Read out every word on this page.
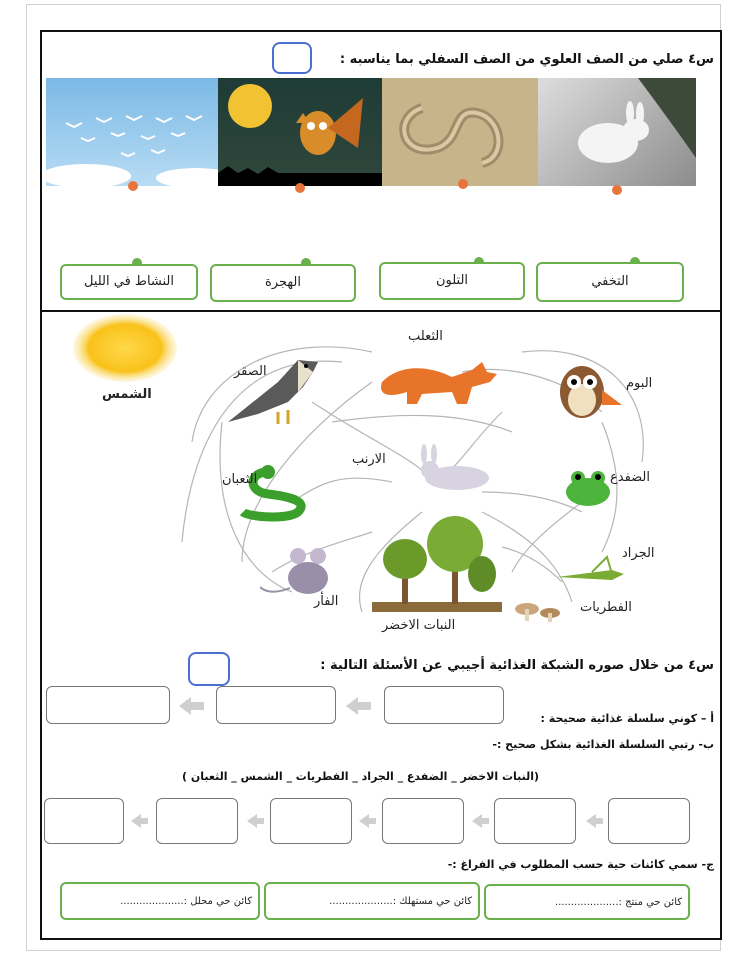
س٤ صلي من الصف العلوي من الصف السفلي بما يناسبه :
النشاط في الليل	الهجرة	التلون	التخفي
الشمس
الثعلب
الصقر
البوم
الارنب
الثعبان	الضفدع
النبات الاخضر
الفأر
الجراد
الفطريات
س٤ من خلال صوره الشبكة الغذائية أجيبي عن الأسئلة التالية :
أ – كوني سلسلة غذائية صحيحة :
ب- رتبي السلسلة الغذائية بشكل صحيح :-
(النبات الاخضر _ الضفدع _ الجراد _ الفطريات _ الشمس _ الثعبان )
ج- سمي كائنات حية حسب المطلوب في الفراغ :-
كائن حي محلل :....................	كائن حي مستهلك :....................	كائن حي منتج :....................
